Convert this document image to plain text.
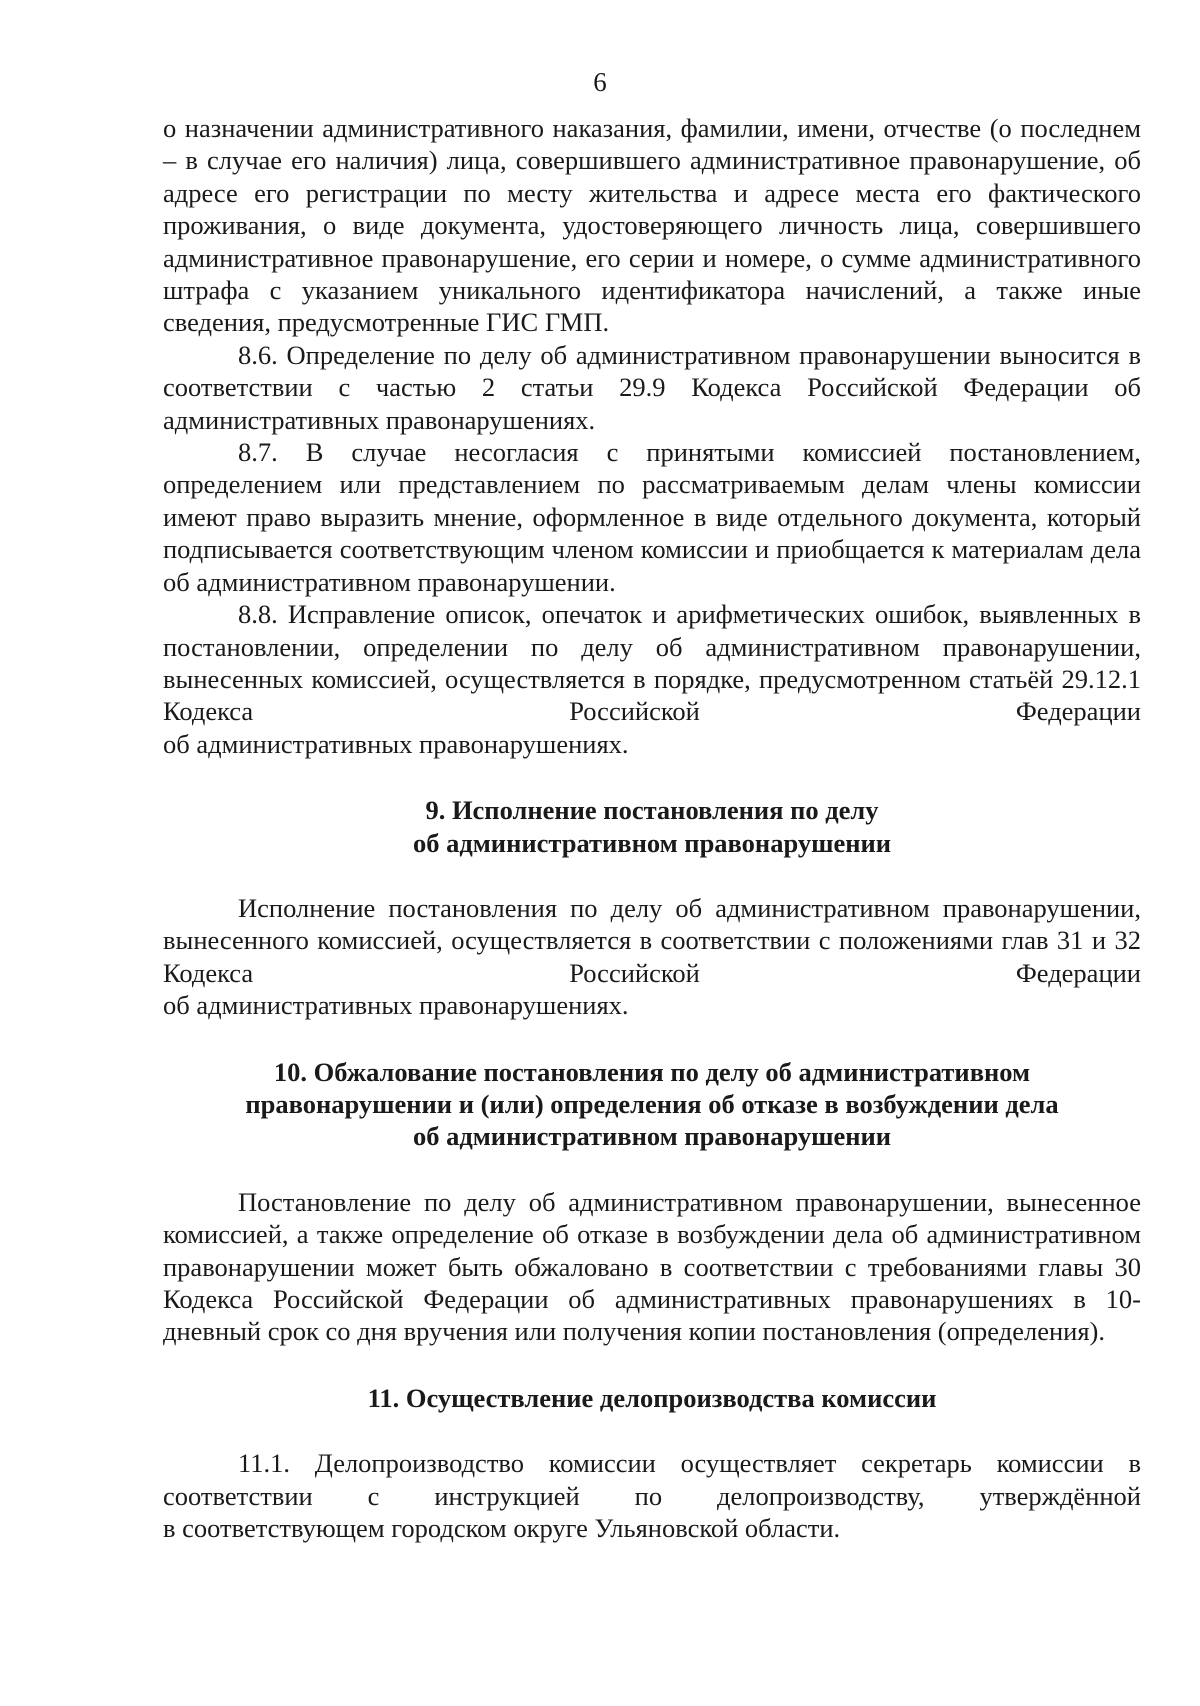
6

о назначении административного наказания, фамилии, имени, отчестве (о последнем – в случае его наличия) лица, совершившего административное правонарушение, об адресе его регистрации по месту жительства и адресе места его фактического проживания, о виде документа, удостоверяющего личность лица, совершившего административное правонарушение, его серии и номере, о сумме административного штрафа с указанием уникального идентификатора начислений, а также иные сведения, предусмотренные ГИС ГМП.

8.6. Определение по делу об административном правонарушении выносится в соответствии с частью 2 статьи 29.9 Кодекса Российской Федерации об административных правонарушениях.

8.7. В случае несогласия с принятыми комиссией постановлением, определением или представлением по рассматриваемым делам члены комиссии имеют право выразить мнение, оформленное в виде отдельного документа, который подписывается соответствующим членом комиссии и приобщается к материалам дела об административном правонарушении.

8.8. Исправление описок, опечаток и арифметических ошибок, выявленных в постановлении, определении по делу об административном правонарушении, вынесенных комиссией, осуществляется в порядке, предусмотренном статьёй 29.12.1 Кодекса Российской Федерации

об административных правонарушениях.

9. Исполнение постановления по делу
об административном правонарушении

Исполнение постановления по делу об административном правонарушении, вынесенного комиссией, осуществляется в соответствии с положениями глав 31 и 32 Кодекса Российской Федерации

об административных правонарушениях.

10. Обжалование постановления по делу об административном
правонарушении и (или) определения об отказе в возбуждении дела
об административном правонарушении

Постановление по делу об административном правонарушении, вынесенное комиссией, а также определение об отказе в возбуждении дела об административном правонарушении может быть обжаловано в соответствии с требованиями главы 30 Кодекса Российской Федерации об административных правонарушениях в 10-дневный срок со дня вручения или получения копии постановления (определения).

11. Осуществление делопроизводства комиссии

11.1. Делопроизводство комиссии осуществляет секретарь комиссии в соответствии с инструкцией по делопроизводству, утверждённой

в соответствующем городском округе Ульяновской области.
